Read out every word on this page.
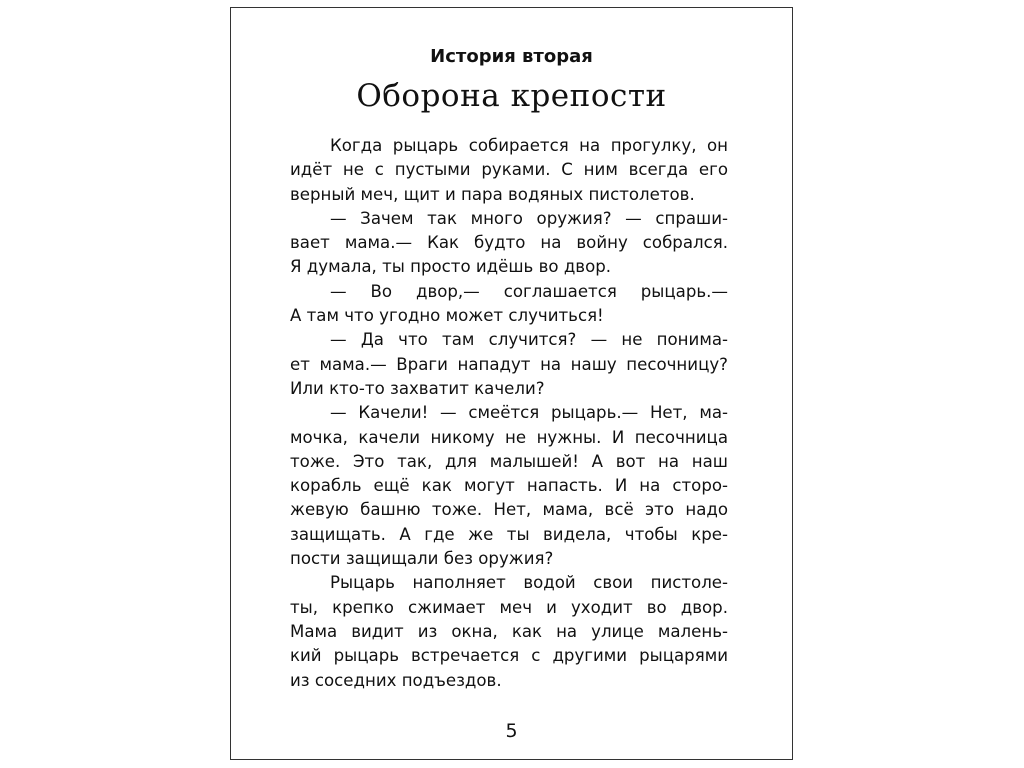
История вторая
Оборона крепости
Когда рыцарь собирается на прогулку, он
идёт не с пустыми руками. С ним всегда его
верный меч, щит и пара водяных пистолетов.
— Зачем так много оружия? — спраши-
вает мама.— Как будто на войну собрался.
Я думала, ты просто идёшь во двор.
— Во двор,— соглашается рыцарь.—
А там что угодно может случиться!
— Да что там случится? — не понима-
ет мама.— Враги нападут на нашу песочницу?
Или кто-то захватит качели?
— Качели! — смеётся рыцарь.— Нет, ма-
мочка, качели никому не нужны. И песочница
тоже. Это так, для малышей! А вот на наш
корабль ещё как могут напасть. И на сторо-
жевую башню тоже. Нет, мама, всё это надо
защищать. А где же ты видела, чтобы кре-
пости защищали без оружия?
Рыцарь наполняет водой свои пистоле-
ты, крепко сжимает меч и уходит во двор.
Мама видит из окна, как на улице малень-
кий рыцарь встречается с другими рыцарями
из соседних подъездов.
5
